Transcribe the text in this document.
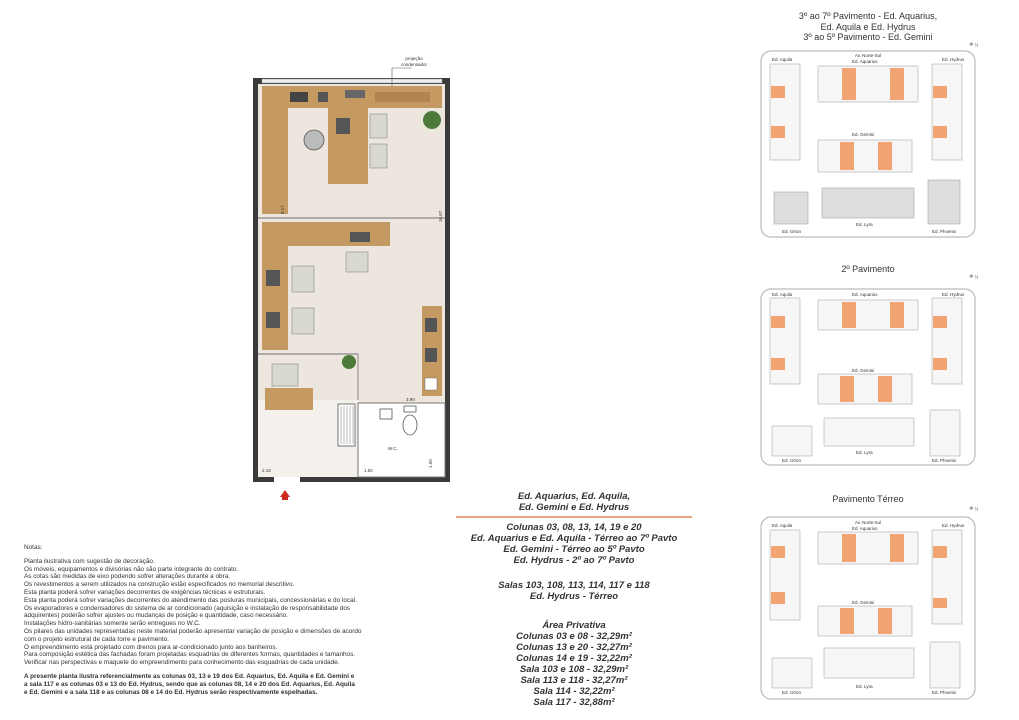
projeção
condensador
8.17
16.67
3.90
2.15	1.50
1.50
W.C.
Ed. Aquarius, Ed. Aquila,
Ed. Gemini e Ed. Hydrus
Colunas 03, 08, 13, 14, 19 e 20
Ed. Aquarius e Ed. Aquila - Térreo ao 7º Pavto
Ed. Gemini - Térreo ao 5º Pavto
Ed. Hydrus - 2º ao 7º Pavto
Salas 103, 108, 113, 114, 117 e 118
Ed. Hydrus - Térreo
Área Privativa
Colunas 03 e 08 - 32,29m²
Colunas 13 e 20 - 32,27m²
Colunas 14 e 19 - 32,22m²
Sala 103 e 108 - 32,29m²
Sala 113 e 118 - 32,27m²
Sala 114 - 32,22m²
Sala 117 - 32,88m²
Notas:
Planta ilustrativa com sugestão de decoração.
Os móveis, equipamentos e divisórias não são parte integrante do contrato.
As cotas são medidas de eixo podendo sofrer alterações durante a obra.
Os revestimentos a serem utilizados na construção estão especificados no memorial descritivo.
Esta planta poderá sofrer variações decorrentes de exigências técnicas e estruturais.
Esta planta poderá sofrer variações decorrentes do atendimento das posturas municipais, concessionárias e do local.
Os evaporadores e condensadores do sistema de ar condicionado (aquisição e instalação de responsabilidade dos
adquirentes) poderão sofrer ajustes ou mudanças de posição e quantidade, caso necessário.
Instalações hidro-sanitárias somente serão entregues no W.C.
Os pilares das unidades representadas neste material poderão apresentar variação de posição e dimensões de acordo
com o projeto estrutural de cada torre e pavimento.
O empreendimento está projetado com drenos para ar-condicionado junto aos banheiros.
Para composição estética das fachadas foram projetadas esquadrias de diferentes formas, quantidades e tamanhos.
Verificar nas perspectivas e maquete do empreendimento para conhecimento das esquadrias de cada unidade.
A presente planta ilustra referencialmente as colunas 03, 13 e 19 dos Ed. Aquarius, Ed. Aquila e Ed. Gemini e
a sala 117 e as colunas 03 e 13 do Ed. Hydrus, sendo que as colunas 08, 14 e 20 dos Ed. Aquarius, Ed. Aquila
e Ed. Gemini e a sala 118 e as colunas 08 e 14 do Ed. Hydrus serão respectivamente espelhadas.
3º ao 7º Pavimento - Ed. Aquarius,
Ed. Aquila e Ed. Hydrus
3º ao 5º Pavimento - Ed. Gemini
2º Pavimento
Pavimento Térreo
Av. Norte-Sul
Ed. Aquila	Ed. Aquarius	Ed. Hydrus
Ed. Gemini
Ed. Orion
Ed. Lyra
Ed. Phoenix
Ed. Aquila	Ed. Aquarius	Ed. Hydrus
Ed. Gemini
Ed. Orion
Ed. Lyra
Ed. Phoenix
Av. Norte-Sul
Ed. Aquila
Ed. Aquarius
Ed. Hydrus
Ed. Gemini
Ed. Orion
Ed. Lyra
Ed. Phoenix
✦N
✦N
✦N
